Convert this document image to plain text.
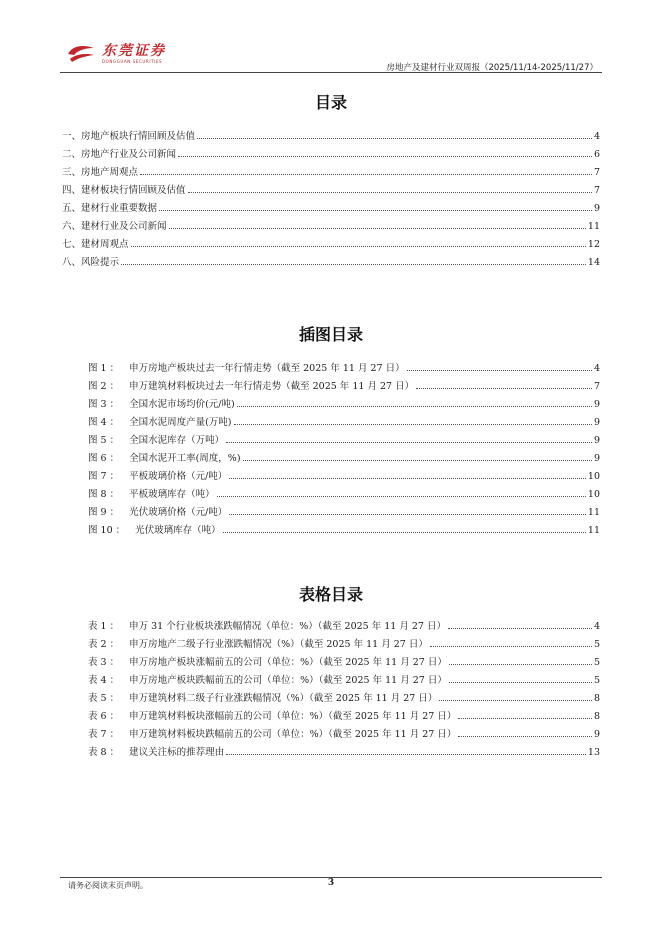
东莞证券
DONGGUAN SECURITIES
房地产及建材行业双周报（2025/11/14-2025/11/27）
目录
一、房地产板块行情回顾及估值	4
二、房地产行业及公司新闻	6
三、房地产周观点	7
四、建材板块行情回顾及估值	7
五、建材行业重要数据	9
六、建材行业及公司新闻	11
七、建材周观点	12
八、风险提示	14
插图目录
图 1 ： 申万房地产板块过去一年行情走势（截至 2025 年 11 月 27 日）	4
图 2 ： 申万建筑材料板块过去一年行情走势（截至 2025 年 11 月 27 日）	7
图 3 ： 全国水泥市场均价(元/吨)	9
图 4 ： 全国水泥周度产量(万吨)	9
图 5 ： 全国水泥库存（万吨）	9
图 6 ： 全国水泥开工率(周度，%)	9
图 7 ： 平板玻璃价格（元/吨）	10
图 8 ： 平板玻璃库存（吨）	10
图 9 ： 光伏玻璃价格（元/吨）	11
图 10 ： 光伏玻璃库存（吨）	11
表格目录
表 1 ： 申万 31 个行业板块涨跌幅情况（单位：%）（截至 2025 年 11 月 27 日）	4
表 2 ： 申万房地产二级子行业涨跌幅情况（%）（截至 2025 年 11 月 27 日）	5
表 3 ： 申万房地产板块涨幅前五的公司（单位：%）（截至 2025 年 11 月 27 日）	5
表 4 ： 申万房地产板块跌幅前五的公司（单位：%）（截至 2025 年 11 月 27 日）	5
表 5 ： 申万建筑材料二级子行业涨跌幅情况（%）（截至 2025 年 11 月 27 日）	8
表 6 ： 申万建筑材料板块涨幅前五的公司（单位：%）（截至 2025 年 11 月 27 日）	8
表 7 ： 申万建筑材料板块跌幅前五的公司（单位：%）（截至 2025 年 11 月 27 日）	9
表 8 ： 建议关注标的推荐理由	13
请务必阅读末页声明。	3
